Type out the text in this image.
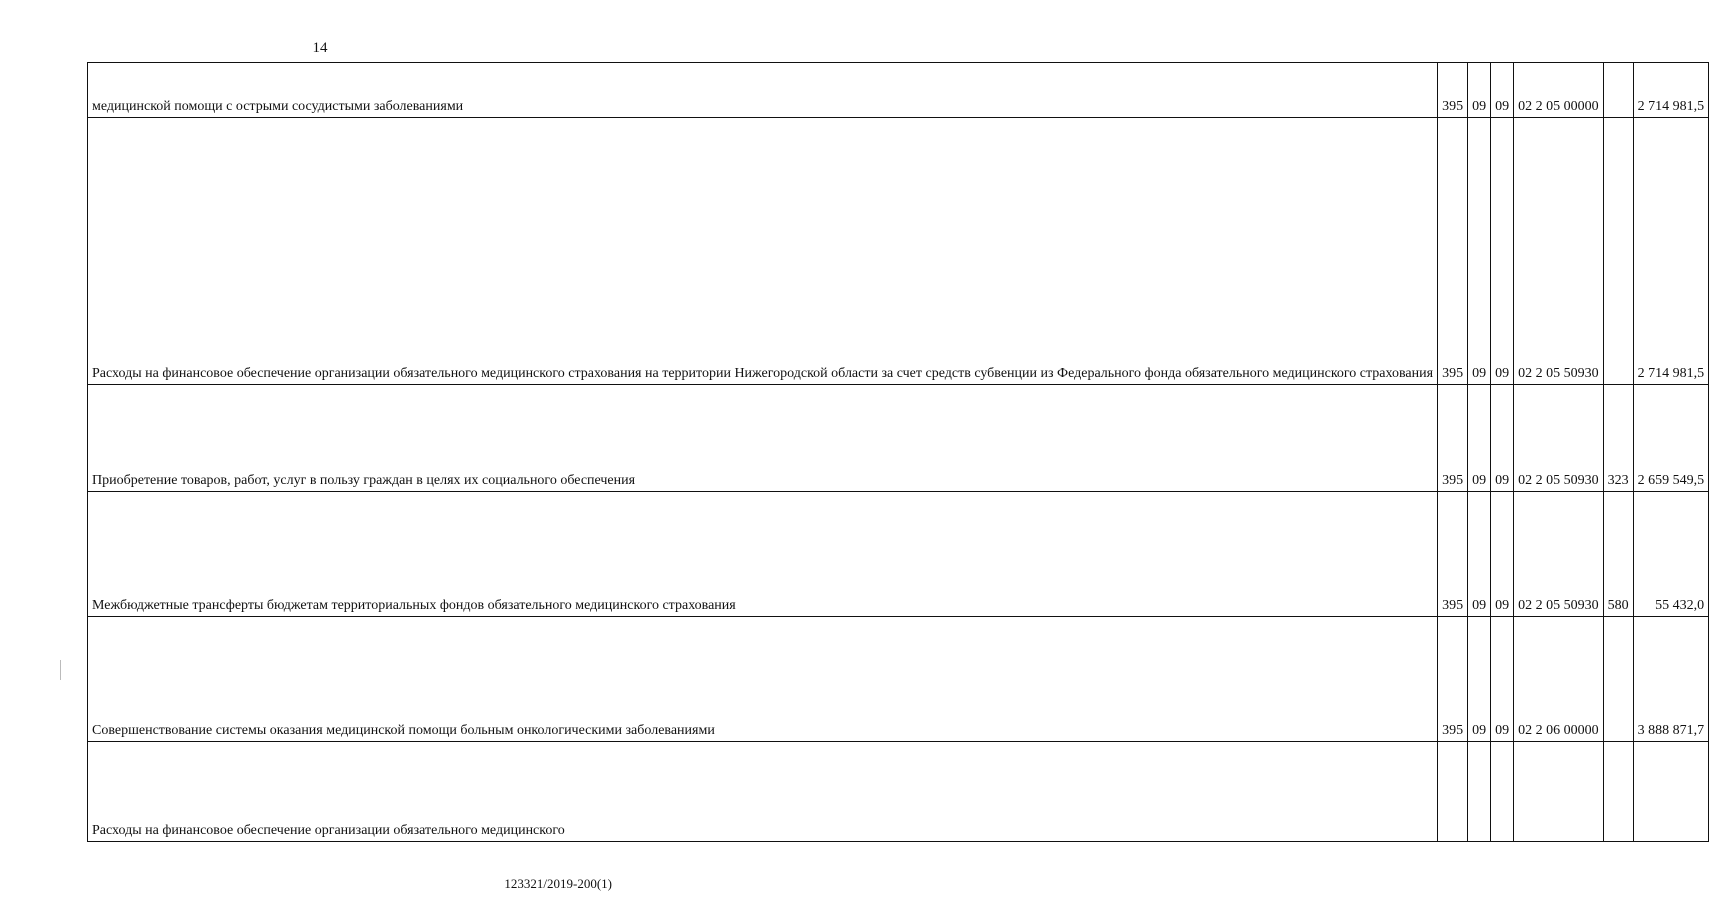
14
медицинской помощи с острыми сосудистыми заболеваниями	395	09	09	02 2 05 00000		2 714 981,5

Расходы на финансовое обеспечение организации обязательного медицинского страхования на территории Нижегородской области за счет средств субвенции из Федерального фонда обязательного медицинского страхования	395	09	09	02 2 05 50930		2 714 981,5

Приобретение товаров, работ, услуг в пользу граждан в целях их социального обеспечения	395	09	09	02 2 05 50930	323	2 659 549,5

Межбюджетные трансферты бюджетам территориальных фондов обязательного медицинского страхования	395	09	09	02 2 05 50930	580	55 432,0

Совершенствование системы оказания медицинской помощи больным онкологическими заболеваниями	395	09	09	02 2 06 00000		3 888 871,7

Расходы на финансовое обеспечение организации обязательного медицинского						

123321/2019-200(1)
